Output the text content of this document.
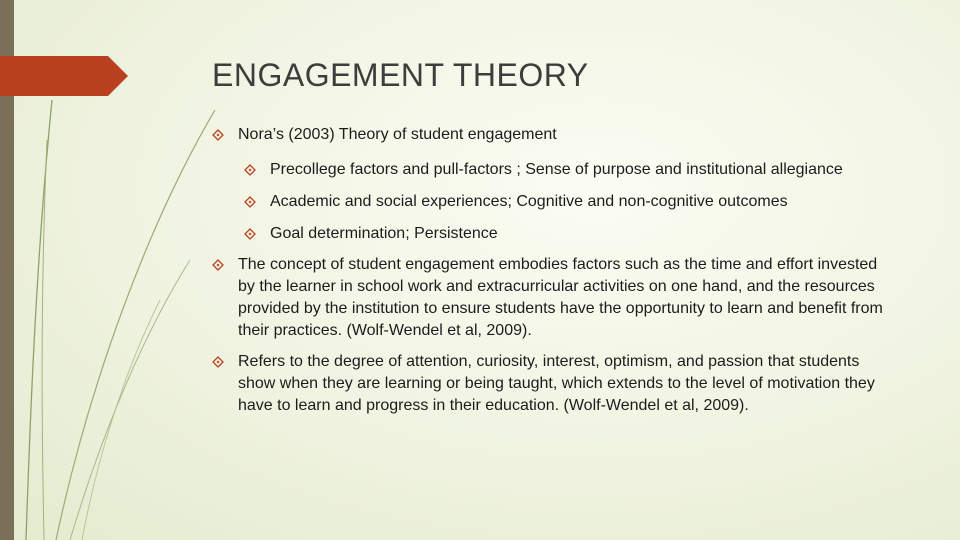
ENGAGEMENT THEORY
Nora’s (2003) Theory of student engagement
Precollege factors and pull-factors ; Sense of purpose and institutional allegiance
Academic and social experiences; Cognitive and non-cognitive outcomes
Goal determination; Persistence
The concept of student engagement embodies factors such as the time and effort invested by the learner in school work and extracurricular activities on one hand, and the resources provided by the institution to ensure students have the opportunity to learn and benefit from their practices. (Wolf-Wendel et al, 2009).
Refers to the degree of attention, curiosity, interest, optimism, and passion that students show when they are learning or being taught, which extends to the level of motivation they have to learn and progress in their education. (Wolf-Wendel et al, 2009).
